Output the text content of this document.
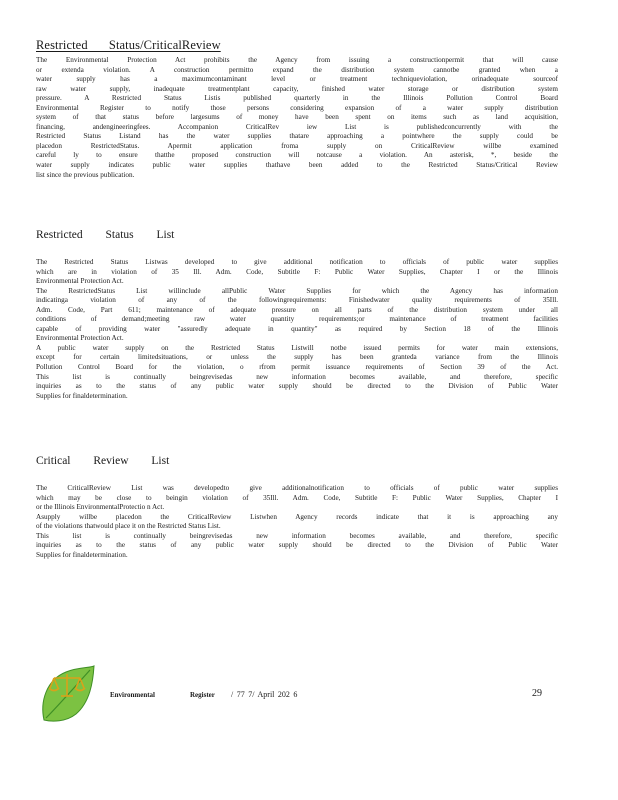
Restricted Status/CriticalReview
The Environmental Protection Act prohibits the Agency from issuing a constructionpermit that will cause
or extenda violation. A construction permitto expand the distribution system cannotbe granted when a
water supply has a maximumcontaminant level or treatment techniqueviolation, orinadequate sourceof
raw water supply, inadequate treatmentplant capacity, finished water storage or distribution system
pressure. A Restricted Status Listis published quarterly in the Illinois Pollution Control Board
Environmental Register to notify those persons considering expansion of a water supply distribution
system of that status before largesums of money have been spent on items such as land acquisition,
financing, andengineeringfees. Accompanion CriticalRev iew List is publishedconcurrently with the
Restricted Status Listand has the water supplies thatare approaching a pointwhere the supply could be
placedon RestrictedStatus. Apermit application froma supply on CriticalReview willbe examined
careful ly to ensure thatthe proposed construction will notcause a violation. An asterisk, *, beside the
water supply indicates public water supplies thathave been added to the Restricted Status/Critical Review
list since the previous publication.
Restricted Status List
The Restricted Status Listwas developed to give additional notification to officials of public water supplies
which are in violation of 35 Ill. Adm. Code, Subtitle F: Public Water Supplies, Chapter I or the Illinois
Environmental Protection Act.
The RestrictedStatus List willinclude allPublic Water Supplies for which the Agency has information
indicatinga violation of any of the followingrequirements: Finishedwater quality requirements of 35Ill.
Adm. Code, Part 611; maintenance of adequate pressure on all parts of the distribution system under all
conditions of demand;meeting raw water quantity requirements;or maintenance of treatment facilities
capable of providing water "assuredly adequate in quantity" as required by Section 18 of the Illinois
Environmental Protection Act.
A public water supply on the Restricted Status Listwill notbe issued permits for water main extensions,
except for certain limitedsituations, or unless the supply has been granteda variance from the Illinois
Pollution Control Board for the violation, o rfrom permit issuance requirements of Section 39 of the Act.
This list is continually beingrevisedas new information becomes available, and therefore, specific
inquiries as to the status of any public water supply should be directed to the Division of Public Water
Supplies for finaldetermination.
Critical Review List
The CriticalReview List was developedto give additionalnotification to officials of public water supplies
which may be close to beingin violation of 35Ill. Adm. Code, Subtitle F: Public Water Supplies, Chapter I
or the Illinois EnvironmentalProtectio n Act.
Asupply willbe placedon the CriticalReview Listwhen Agency records indicate that it is approaching any
of the violations thatwould place it on the Restricted Status List.
This list is continually beingrevisedas new information becomes available, and therefore, specific
inquiries as to the status of any public water supply should be directed to the Division of Public Water
Supplies for finaldetermination.
Environmental	Register / 77 7/ April 202 6	29
